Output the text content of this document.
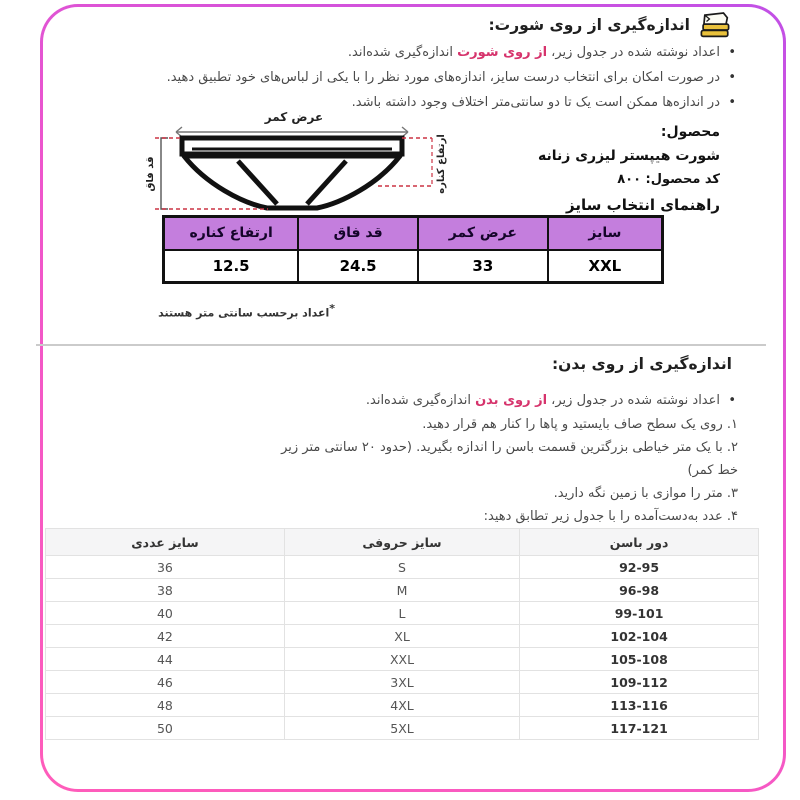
اندازه‌گیری از روی شورت:
• اعداد نوشته شده در جدول زیر، از روی شورت اندازه‌گیری شده‌اند.
• در صورت امکان برای انتخاب درست سایز، اندازه‌های مورد نظر را با یکی از لباس‌های خود تطبیق دهید.
• در اندازه‌ها ممکن است یک تا دو سانتی‌متر اختلاف وجود داشته باشد.
عرض کمر
قد فاق	ارتفاع کناره
محصول:
شورت هیپستر لیزری زنانه
کد محصول: ۸۰۰
راهنمای انتخاب سایز
سایز	عرض کمر	قد فاق	ارتفاع کناره
XXL	33	24.5	12.5
*اعداد برحسب سانتی متر هستند
اندازه‌گیری از روی بدن:
• اعداد نوشته شده در جدول زیر، از روی بدن اندازه‌گیری شده‌اند.
۱. روی یک سطح صاف بایستید و پاها را کنار هم قرار دهید.
۲. با یک متر خیاطی بزرگترین قسمت باسن را اندازه بگیرید. (حدود ۲۰ سانتی متر زیر خط کمر)
۳. متر را موازی با زمین نگه دارید.
۴. عدد به‌دست‌آمده را با جدول زیر تطابق دهید:
دور باسن	سایز حروفی	سایز عددی
92-95	S	36
96-98	M	38
99-101	L	40
102-104	XL	42
105-108	XXL	44
109-112	3XL	46
113-116	4XL	48
117-121	5XL	50
